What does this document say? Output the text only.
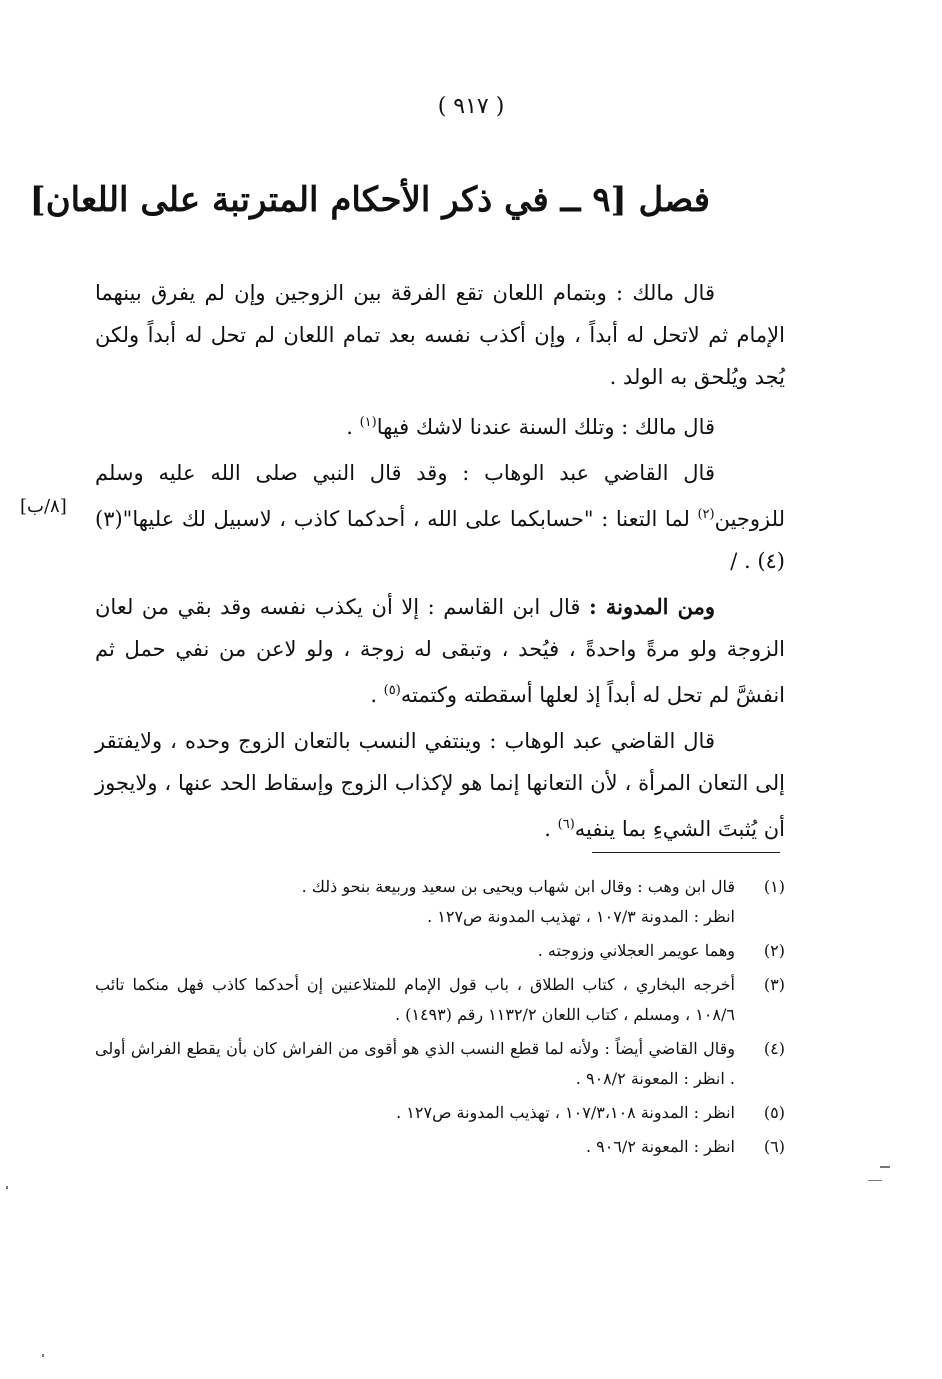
( ٩١٧ )
فصل [٩ ــ في ذكر الأحكام المترتبة على اللعان]
[٨/ب]

قال مالك : وبتمام اللعان تقع الفرقة بين الزوجين وإن لم يفرق بينهما الإمام ثم لاتحل له أبداً ، وإن أكذب نفسه بعد تمام اللعان لم تحل له أبداً ولكن يُجد ويُلحق به الولد .

قال مالك : وتلك السنة عندنا لاشك فيها$^{(١)}$ .

قال القاضي عبد الوهاب : وقد قال النبي صلى الله عليه وسلم للزوجين$^{(٢)}$ لما التعنا : "حسابكما على الله ، أحدكما كاذب ، لاسبيل لك عليها"(٣) (٤) . /

ومن المدونة : قال ابن القاسم : إلا أن يكذب نفسه وقد بقي من لعان الزوجة ولو مرةً واحدةً ، فيُحد ، وتبقى له زوجة ، ولو لاعن من نفي حمل ثم انفشَّ لم تحل له أبداً إذ لعلها أسقطته وكتمته$^{(٥)}$ .

قال القاضي عبد الوهاب : وينتفي النسب بالتعان الزوج وحده ، ولايفتقر إلى التعان المرأة ، لأن التعانها إنما هو لإكذاب الزوج وإسقاط الحد عنها ، ولايجوز أن يُثبتَ الشيءِ بما ينفيه$^{(٦)}$ .

(١)
قال ابن وهب : وقال ابن شهاب ويحيى بن سعيد وربيعة بنحو ذلك .
انظر : المدونة ١٠٧/٣ ، تهذيب المدونة ص١٢٧ .
(٢)
وهما عويمر العجلاني وزوجته .
(٣)
أخرجه البخاري ، كتاب الطلاق ، باب قول الإمام للمتلاعنين إن أحدكما كاذب فهل منكما تائب ١٠٨/٦ ، ومسلم ، كتاب اللعان ١١٣٢/٢ رقم (١٤٩٣) .
(٤)
وقال القاضي أيضاً : ولأنه لما قطع النسب الذي هو أقوى من الفراش كان بأن يقطع الفراش أولى . انظر : المعونة ٩٠٨/٢ .
(٥)
انظر : المدونة ١٠٧/٣،١٠٨ ، تهذيب المدونة ص١٢٧ .
(٦)
انظر : المعونة ٩٠٦/٢ .
